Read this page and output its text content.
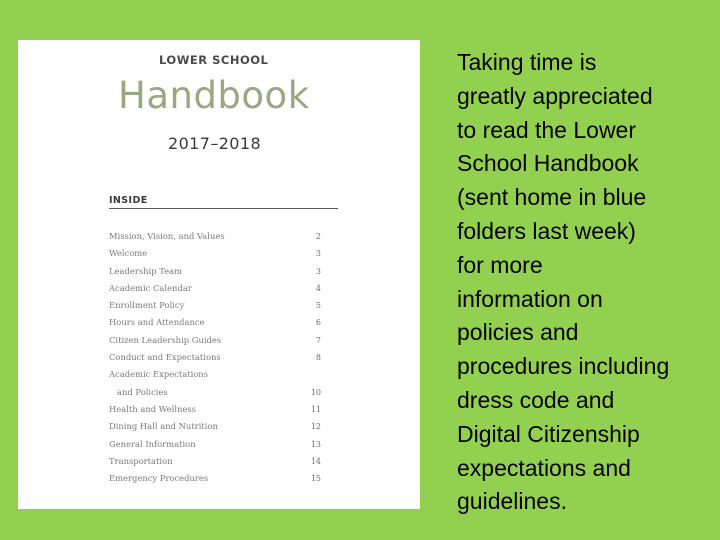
LOWER SCHOOL
Handbook
2017–2018
INSIDE
Mission, Vision, and Values	2
Welcome	3
Leadership Team	3
Academic Calendar	4
Enrollment Policy	5
Hours and Attendance	6
Citizen Leadership Guides	7
Conduct and Expectations	8
Academic Expectations
and Policies	10
Health and Wellness	11
Dining Hall and Nutrition	12
General Information	13
Transportation	14
Emergency Procedures	15
Taking time is
greatly appreciated
to read the Lower
School Handbook
(sent home in blue
folders last week)
for more
information on
policies and
procedures including
dress code and
Digital Citizenship
expectations and
guidelines.
